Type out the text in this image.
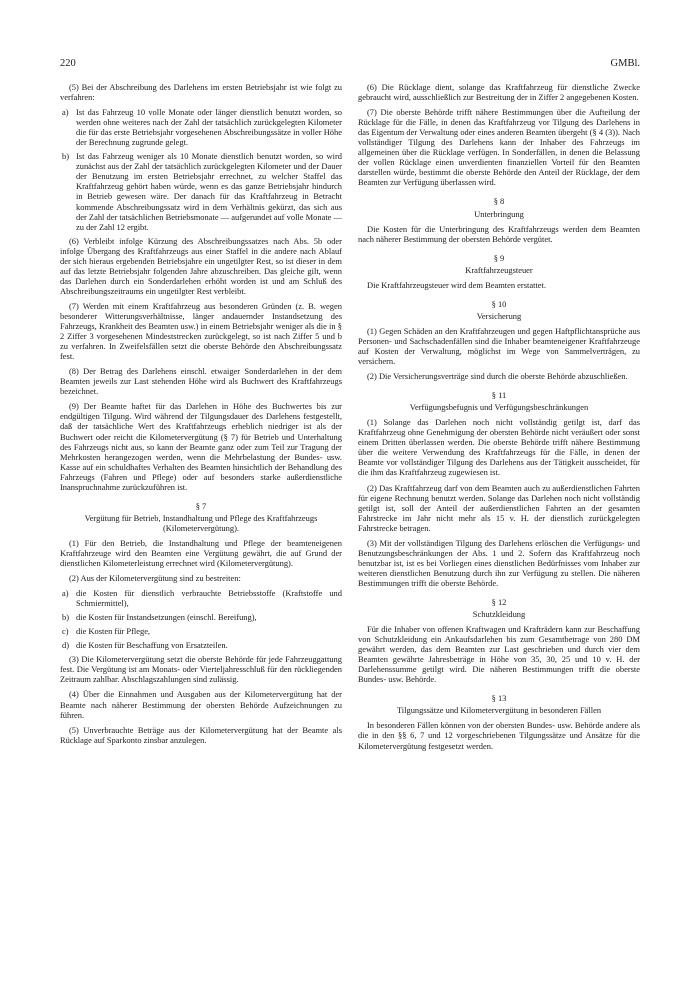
220	GMBl.

(5) Bei der Abschreibung des Darlehens im ersten Betriebsjahr ist wie folgt zu verfahren:

a) Ist das Fahrzeug 10 volle Monate oder länger dienstlich benutzt worden, so werden ohne weiteres nach der Zahl der tatsächlich zurückgelegten Kilometer die für das erste Betriebsjahr vorgesehenen Abschreibungssätze in voller Höhe der Berechnung zugrunde gelegt.
b) Ist das Fahrzeug weniger als 10 Monate dienstlich benutzt worden, so wird zunächst aus der Zahl der tatsächlich zurückgelegten Kilometer und der Dauer der Benutzung im ersten Betriebsjahr errechnet, zu welcher Staffel das Kraftfahrzeug gehört haben würde, wenn es das ganze Betriebsjahr hindurch in Betrieb gewesen wäre. Der danach für das Kraftfahrzeug in Betracht kommende Abschreibungssatz wird in dem Verhältnis gekürzt, das sich aus der Zahl der tatsächlichen Betriebsmonate — aufgerundet auf volle Monate — zu der Zahl 12 ergibt.

(6) Verbleibt infolge Kürzung des Abschreibungssatzes nach Abs. 5b oder infolge Übergang des Kraftfahrzeugs aus einer Staffel in die andere nach Ablauf der sich hieraus ergebenden Betriebsjahre ein ungetilgter Rest, so ist dieser in dem auf das letzte Betriebsjahr folgenden Jahre abzuschreiben. Das gleiche gilt, wenn das Darlehen durch ein Sonderdarlehen erhöht worden ist und am Schluß des Abschreibungszeitraums ein ungetilgter Rest verbleibt.

(7) Werden mit einem Kraftfahrzeug aus besonderen Gründen (z. B. wegen besonderer Witterungsverhältnisse, länger andauernder Instandsetzung des Fahrzeugs, Krankheit des Beamten usw.) in einem Betriebsjahr weniger als die in § 2 Ziffer 3 vorgesehenen Mindeststrecken zurückgelegt, so ist nach Ziffer 5 und b zu verfahren. In Zweifelsfällen setzt die oberste Behörde den Abschreibungssatz fest.

(8) Der Betrag des Darlehens einschl. etwaiger Sonderdarlehen in der dem Beamten jeweils zur Last stehenden Höhe wird als Buchwert des Kraftfahrzeugs bezeichnet.

(9) Der Beamte haftet für das Darlehen in Höhe des Buchwertes bis zur endgültigen Tilgung. Wird während der Tilgungsdauer des Darlehens festgestellt, daß der tatsächliche Wert des Kraftfahrzeugs erheblich niedriger ist als der Buchwert oder reicht die Kilometervergütung (§ 7) für Betrieb und Unterhaltung des Fahrzeugs nicht aus, so kann der Beamte ganz oder zum Teil zur Tragung der Mehrkosten herangezogen werden, wenn die Mehrbelastung der Bundes- usw. Kasse auf ein schuldhaftes Verhalten des Beamten hinsichtlich der Behandlung des Fahrzeugs (Fahren und Pflege) oder auf besonders starke außerdienstliche Inanspruchnahme zurückzuführen ist.

§ 7
Vergütung für Betrieb, Instandhaltung und Pflege des Kraftfahrzeugs (Kilometervergütung).

(1) Für den Betrieb, die Instandhaltung und Pflege der beamteneigenen Kraftfahrzeuge wird den Beamten eine Vergütung gewährt, die auf Grund der dienstlichen Kilometerleistung errechnet wird (Kilometervergütung).

(2) Aus der Kilometervergütung sind zu bestreiten:

a) die Kosten für dienstlich verbrauchte Betriebsstoffe (Kraftstoffe und Schmiermittel),
b) die Kosten für Instandsetzungen (einschl. Bereifung),
c) die Kosten für Pflege,
d) die Kosten für Beschaffung von Ersatzteilen.

(3) Die Kilometervergütung setzt die oberste Behörde für jede Fahrzeuggattung fest. Die Vergütung ist am Monats- oder Vierteljahresschluß für den rückliegenden Zeitraum zahlbar. Abschlagszahlungen sind zulässig.

(4) Über die Einnahmen und Ausgaben aus der Kilometervergütung hat der Beamte nach näherer Bestimmung der obersten Behörde Aufzeichnungen zu führen.

(5) Unverbrauchte Beträge aus der Kilometervergütung hat der Beamte als Rücklage auf Sparkonto zinsbar anzulegen.

(6) Die Rücklage dient, solange das Kraftfahrzeug für dienstliche Zwecke gebraucht wird, ausschließlich zur Bestreitung der in Ziffer 2 angegebenen Kosten.

(7) Die oberste Behörde trifft nähere Bestimmungen über die Aufteilung der Rücklage für die Fälle, in denen das Kraftfahrzeug vor Tilgung des Darlehens in das Eigentum der Verwaltung oder eines anderen Beamten übergeht (§ 4 (3)). Nach vollständiger Tilgung des Darlehens kann der Inhaber des Fahrzeugs im allgemeinen über die Rücklage verfügen. In Sonderfällen, in denen die Belassung der vollen Rücklage einen unverdienten finanziellen Vorteil für den Beamten darstellen würde, bestimmt die oberste Behörde den Anteil der Rücklage, der dem Beamten zur Verfügung überlassen wird.

§ 8
Unterbringung

Die Kosten für die Unterbringung des Kraftfahrzeugs werden dem Beamten nach näherer Bestimmung der obersten Behörde vergütet.

§ 9
Kraftfahrzeugsteuer

Die Kraftfahrzeugsteuer wird dem Beamten erstattet.

§ 10
Versicherung

(1) Gegen Schäden an den Kraftfahrzeugen und gegen Haftpflichtansprüche aus Personen- und Sachschadenfällen sind die Inhaber beamteneigener Kraftfahrzeuge auf Kosten der Verwaltung, möglichst im Wege von Sammelverträgen, zu versichern.

(2) Die Versicherungsverträge sind durch die oberste Behörde abzuschließen.

§ 11
Verfügungsbefugnis und Verfügungsbeschränkungen

(1) Solange das Darlehen noch nicht vollständig getilgt ist, darf das Kraftfahrzeug ohne Genehmigung der obersten Behörde nicht veräußert oder sonst einem Dritten überlassen werden. Die oberste Behörde trifft nähere Bestimmung über die weitere Verwendung des Kraftfahrzeugs für die Fälle, in denen der Beamte vor vollständiger Tilgung des Darlehens aus der Tätigkeit ausscheidet, für die ihm das Kraftfahrzeug zugewiesen ist.

(2) Das Kraftfahrzeug darf von dem Beamten auch zu außerdienstlichen Fahrten für eigene Rechnung benutzt werden. Solange das Darlehen noch nicht vollständig getilgt ist, soll der Anteil der außerdienstlichen Fahrten an der gesamten Fahrstrecke im Jahr nicht mehr als 15 v. H. der dienstlich zurückgelegten Fahrstrecke betragen.

(3) Mit der vollständigen Tilgung des Darlehens erlöschen die Verfügungs- und Benutzungsbeschränkungen der Abs. 1 und 2. Sofern das Kraftfahrzeug noch benutzbar ist, ist es bei Vorliegen eines dienstlichen Bedürfnisses vom Inhaber zur weiteren dienstlichen Benutzung durch ihn zur Verfügung zu stellen. Die näheren Bestimmungen trifft die oberste Behörde.

§ 12
Schutzkleidung

Für die Inhaber von offenen Kraftwagen und Krafträdern kann zur Beschaffung von Schutzkleidung ein Ankaufsdarlehen bis zum Gesamtbetrage von 280 DM gewährt werden, das dem Beamten zur Last geschrieben und durch vier dem Beamten gewährte Jahresbeträge in Höhe von 35, 30, 25 und 10 v. H. der Darlehenssumme getilgt wird. Die näheren Bestimmungen trifft die oberste Bundes- usw. Behörde.

§ 13
Tilgungssätze und Kilometervergütung in besonderen Fällen

In besonderen Fällen können von der obersten Bundes- usw. Behörde andere als die in den §§ 6, 7 und 12 vorgeschriebenen Tilgungssätze und Ansätze für die Kilometervergütung festgesetzt werden.
